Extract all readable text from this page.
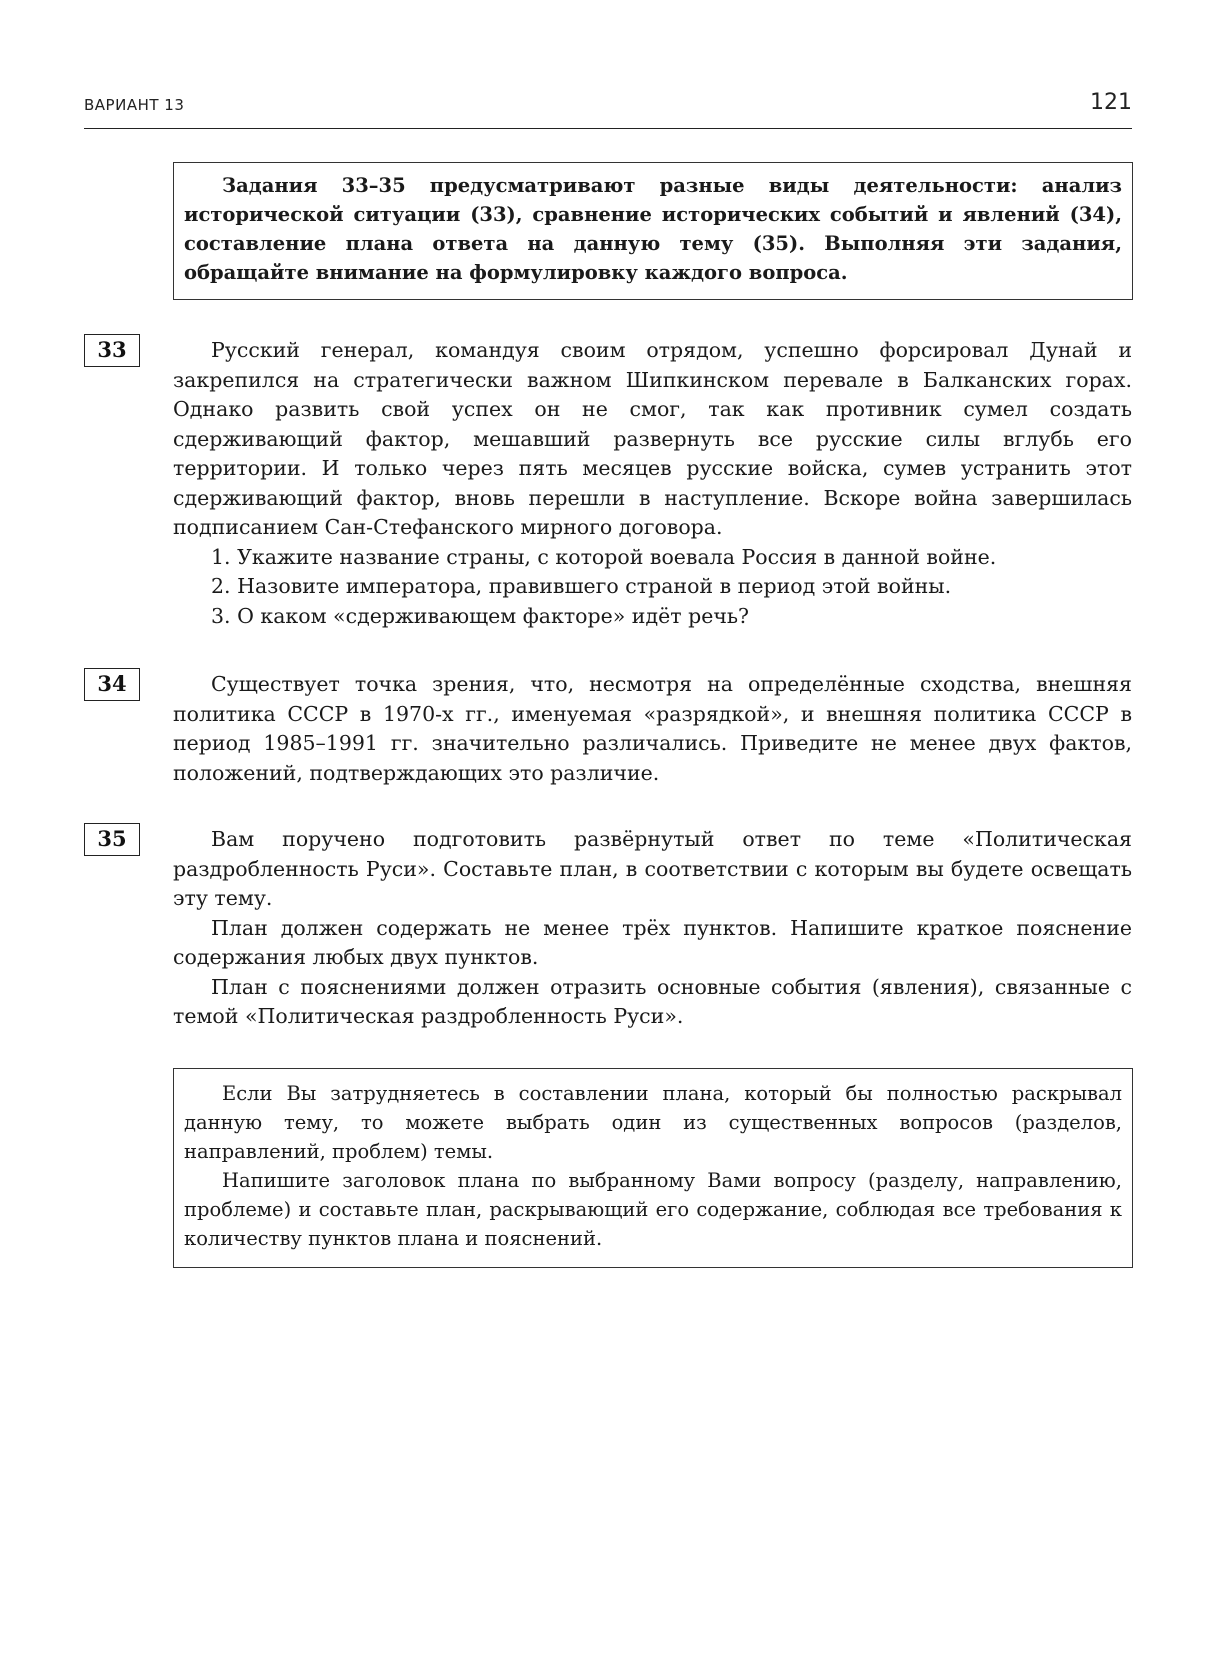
ВАРИАНТ 13	121

Задания 33–35 предусматривают разные виды деятельности: анализ исторической ситуации (33), сравнение исторических событий и явлений (34), составление плана ответа на данную тему (35). Выполняя эти задания, обращайте внимание на формулировку каждого вопроса.

33	Русский генерал, командуя своим отрядом, успешно форсировал Дунай и закрепился на стратегически важном Шипкинском перевале в Балканских горах. Однако развить свой успех он не смог, так как противник сумел создать сдерживающий фактор, мешавший развернуть все русские силы вглубь его территории. И только через пять месяцев русские войска, сумев устранить этот сдерживающий фактор, вновь перешли в наступление. Вскоре война завершилась подписанием Сан-Стефанского мирного договора.

1. Укажите название страны, с которой воевала Россия в данной войне.
2. Назовите императора, правившего страной в период этой войны.
3. О каком «сдерживающем факторе» идёт речь?
34	Существует точка зрения, что, несмотря на определённые сходства, внешняя политика СССР в 1970-х гг., именуемая «разрядкой», и внешняя политика СССР в период 1985–1991 гг. значительно различались. Приведите не менее двух фактов, положений, подтверждающих это различие.

35	Вам поручено подготовить развёрнутый ответ по теме «Политическая раздробленность Руси». Составьте план, в соответствии с которым вы будете освещать эту тему.

План должен содержать не менее трёх пунктов. Напишите краткое пояснение содержания любых двух пунктов.

План с пояснениями должен отразить основные события (явления), связанные с темой «Политическая раздробленность Руси».

Если Вы затрудняетесь в составлении плана, который бы полностью раскрывал данную тему, то можете выбрать один из существенных вопросов (разделов, направлений, проблем) темы.

Напишите заголовок плана по выбранному Вами вопросу (разделу, направлению, проблеме) и составьте план, раскрывающий его содержание, соблюдая все требования к количеству пунктов плана и пояснений.
